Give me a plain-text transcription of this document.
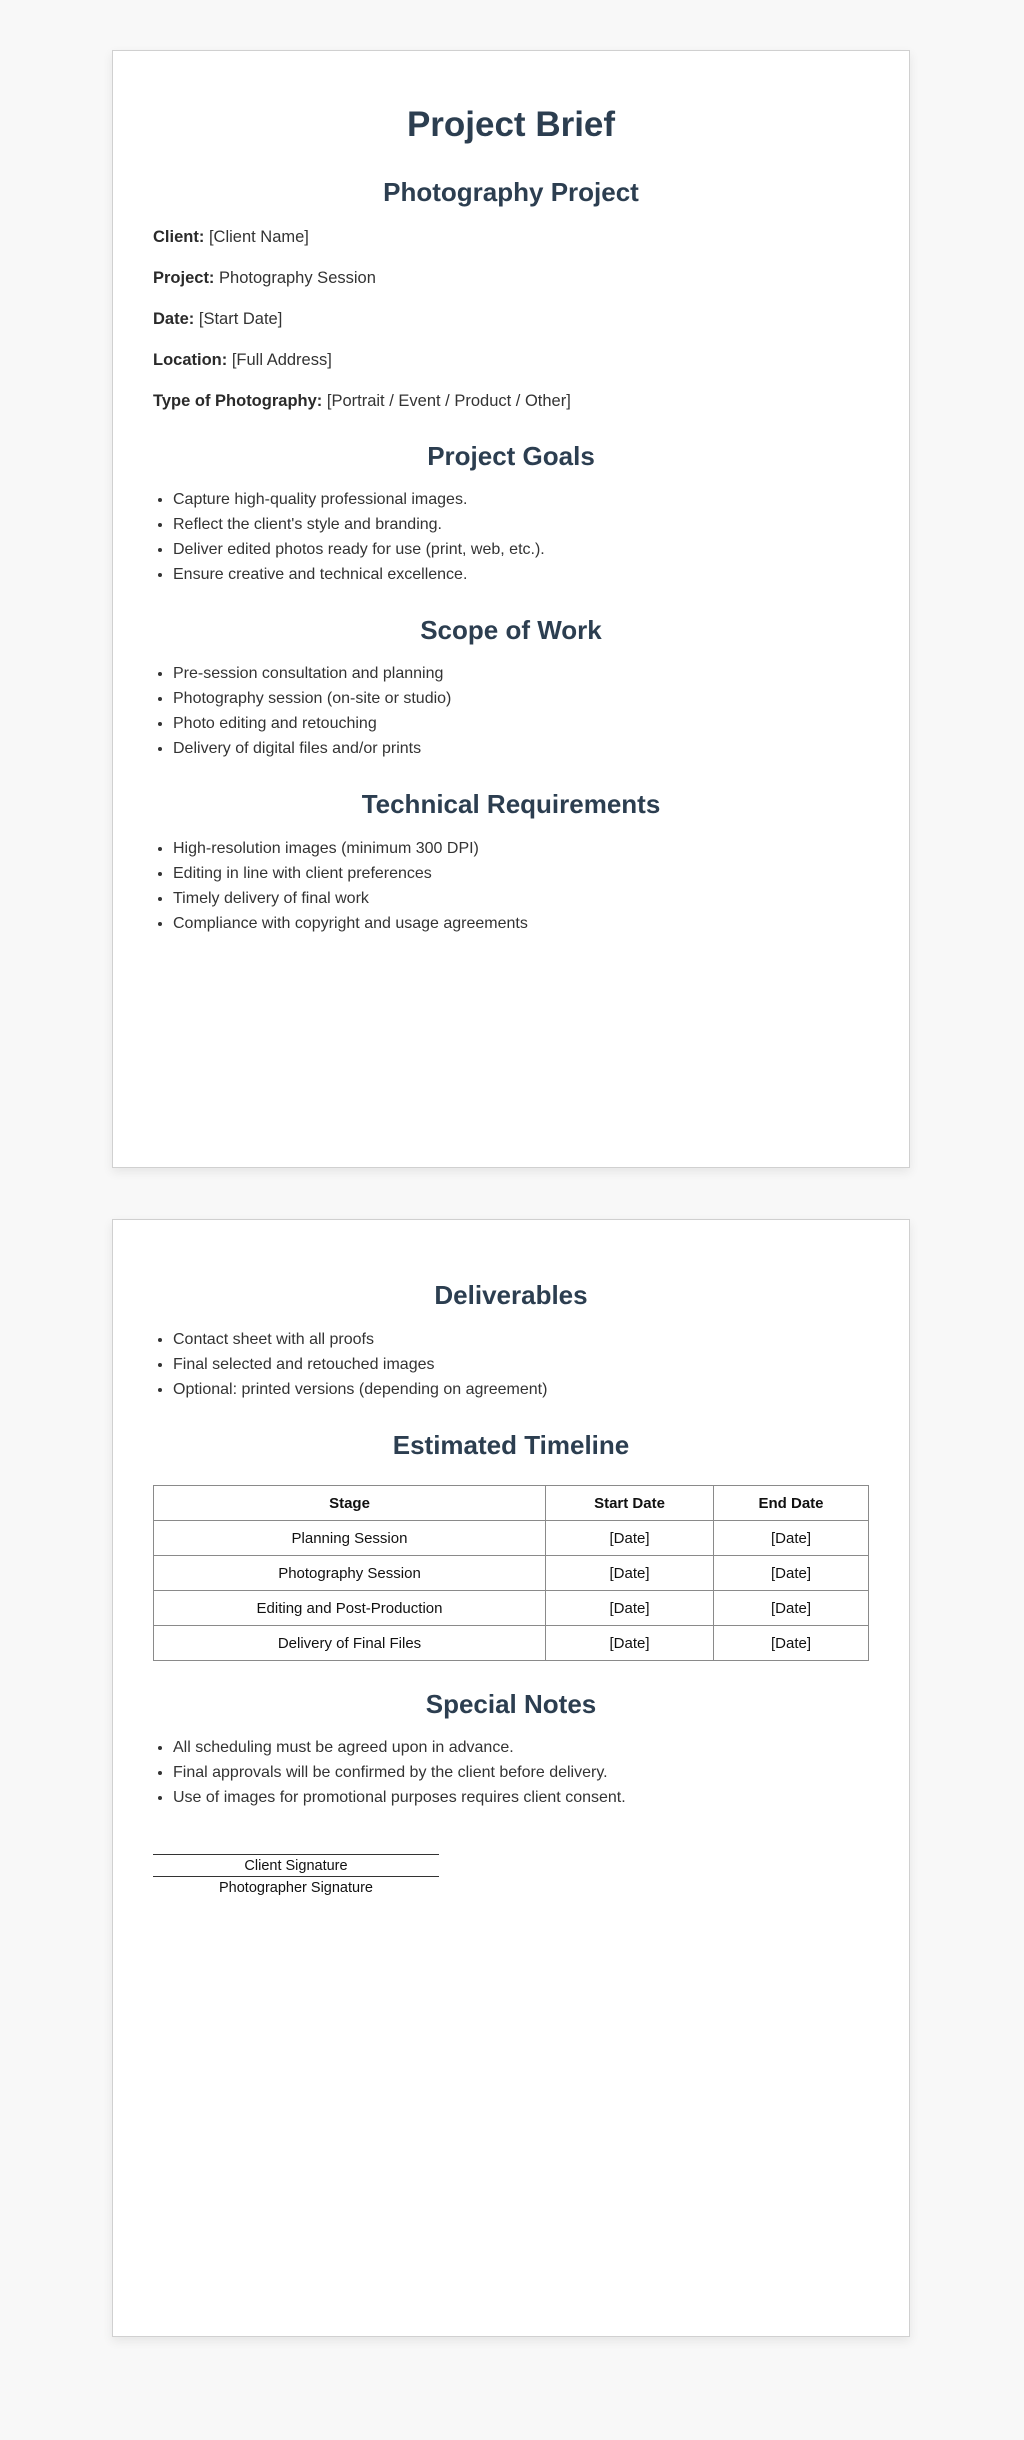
Project Brief
Photography Project

Client: [Client Name]

Project: Photography Session

Date: [Start Date]

Location: [Full Address]

Type of Photography: [Portrait / Event / Product / Other]

Project Goals
• Capture high-quality professional images.
• Reflect the client's style and branding.
• Deliver edited photos ready for use (print, web, etc.).
• Ensure creative and technical excellence.
Scope of Work
• Pre-session consultation and planning
• Photography session (on-site or studio)
• Photo editing and retouching
• Delivery of digital files and/or prints
Technical Requirements
• High-resolution images (minimum 300 DPI)
• Editing in line with client preferences
• Timely delivery of final work
• Compliance with copyright and usage agreements
Deliverables
• Contact sheet with all proofs
• Final selected and retouched images
• Optional: printed versions (depending on agreement)
Estimated Timeline
Stage	Start Date	End Date
Planning Session	[Date]	[Date]
Photography Session	[Date]	[Date]
Editing and Post-Production	[Date]	[Date]
Delivery of Final Files	[Date]	[Date]
Special Notes
• All scheduling must be agreed upon in advance.
• Final approvals will be confirmed by the client before delivery.
• Use of images for promotional purposes requires client consent.
Client Signature
Photographer Signature
